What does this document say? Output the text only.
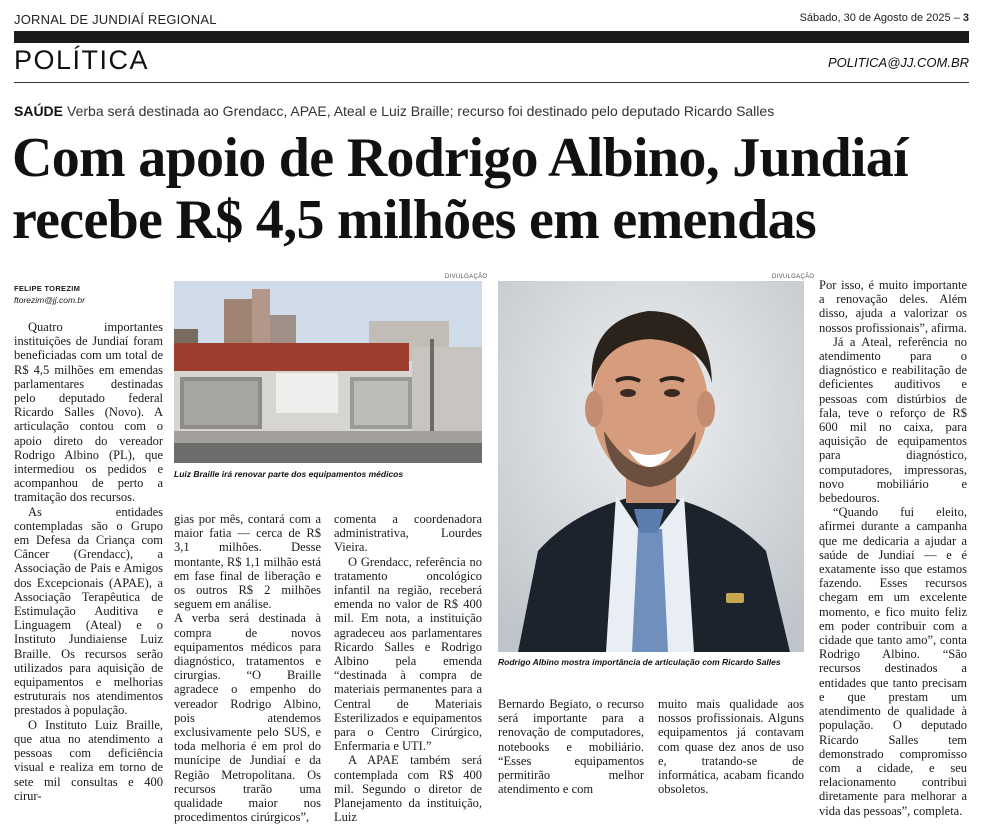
JORNAL DE JUNDIAÍ REGIONAL	Sábado, 30 de Agosto de 2025 – 3
POLÍTICA	POLITICA@JJ.COM.BR
SAÚDE Verba será destinada ao Grendacc, APAE, Ateal e Luiz Braille; recurso foi destinado pelo deputado Ricardo Salles
Com apoio de Rodrigo Albino, Jundiaí
recebe R$ 4,5 milhões em emendas
FELIPE TOREZIM
ftorezim@jj.com.br

Quatro importantes instituições de Jundiaí foram beneficiadas com um total de R$ 4,5 milhões em emendas parlamentares destinadas pelo deputado federal Ricardo Salles (Novo). A articulação contou com o apoio direto do vereador Rodrigo Albino (PL), que intermediou os pedidos e acompanhou de perto a tramitação dos recursos.

As entidades contempladas são o Grupo em Defesa da Criança com Câncer (Grendacc), a Associação de Pais e Amigos dos Excepcionais (APAE), a Associação Terapêutica de Estimulação Auditiva e Linguagem (Ateal) e o Instituto Jundiaiense Luiz Braille. Os recursos serão utilizados para aquisição de equipamentos e melhorias estruturais nos atendimentos prestados à população.

O Instituto Luiz Braille, que atua no atendimento a pessoas com deficiência visual e realiza em torno de sete mil consultas e 400 cirur-

DIVULGAÇÃO
Luiz Braille irá renovar parte dos equipamentos médicos

gias por mês, contará com a maior fatia — cerca de R$ 3,1 milhões. Desse montante, R$ 1,1 milhão está em fase final de liberação e os outros R$ 2 milhões seguem em análise.

A verba será destinada à compra de novos equipamentos médicos para diagnóstico, tratamentos e cirurgias. “O Braille agradece o empenho do vereador Rodrigo Albino, pois atendemos exclusivamente pelo SUS, e toda melhoria é em prol do munícipe de Jundiaí e da Região Metropolitana. Os recursos trarão uma qualidade maior nos procedimentos cirúrgicos”,

comenta a coordenadora administrativa, Lourdes Vieira.

O Grendacc, referência no tratamento oncológico infantil na região, receberá emenda no valor de R$ 400 mil. Em nota, a instituição agradeceu aos parlamentares Ricardo Salles e Rodrigo Albino pela emenda “destinada à compra de materiais permanentes para a Central de Materiais Esterilizados e equipamentos para o Centro Cirúrgico, Enfermaria e UTI.”

A APAE também será contemplada com R$ 400 mil. Segundo o diretor de Planejamento da instituição, Luiz

DIVULGAÇÃO
Rodrigo Albino mostra importância de articulação com Ricardo Salles

Bernardo Begiato, o recurso será importante para a renovação de computadores, notebooks e mobiliário. “Esses equipamentos permitirão melhor atendimento e com

muito mais qualidade aos nossos profissionais. Alguns equipamentos já contavam com quase dez anos de uso e, tratando-se de informática, acabam ficando obsoletos.

Por isso, é muito importante a renovação deles. Além disso, ajuda a valorizar os nossos profissionais”, afirma.

Já a Ateal, referência no atendimento para o diagnóstico e reabilitação de deficientes auditivos e pessoas com distúrbios de fala, teve o reforço de R$ 600 mil no caixa, para aquisição de equipamentos para diagnóstico, computadores, impressoras, novo mobiliário e bebedouros.

“Quando fui eleito, afirmei durante a campanha que me dedicaria a ajudar a saúde de Jundiaí — e é exatamente isso que estamos fazendo. Esses recursos chegam em um excelente momento, e fico muito feliz em poder contribuir com a cidade que tanto amo”, conta Rodrigo Albino. “São recursos destinados a entidades que tanto precisam e que prestam um atendimento de qualidade à população. O deputado Ricardo Salles tem demonstrado compromisso com a cidade, e seu relacionamento contribui diretamente para melhorar a vida das pessoas”, completa.
